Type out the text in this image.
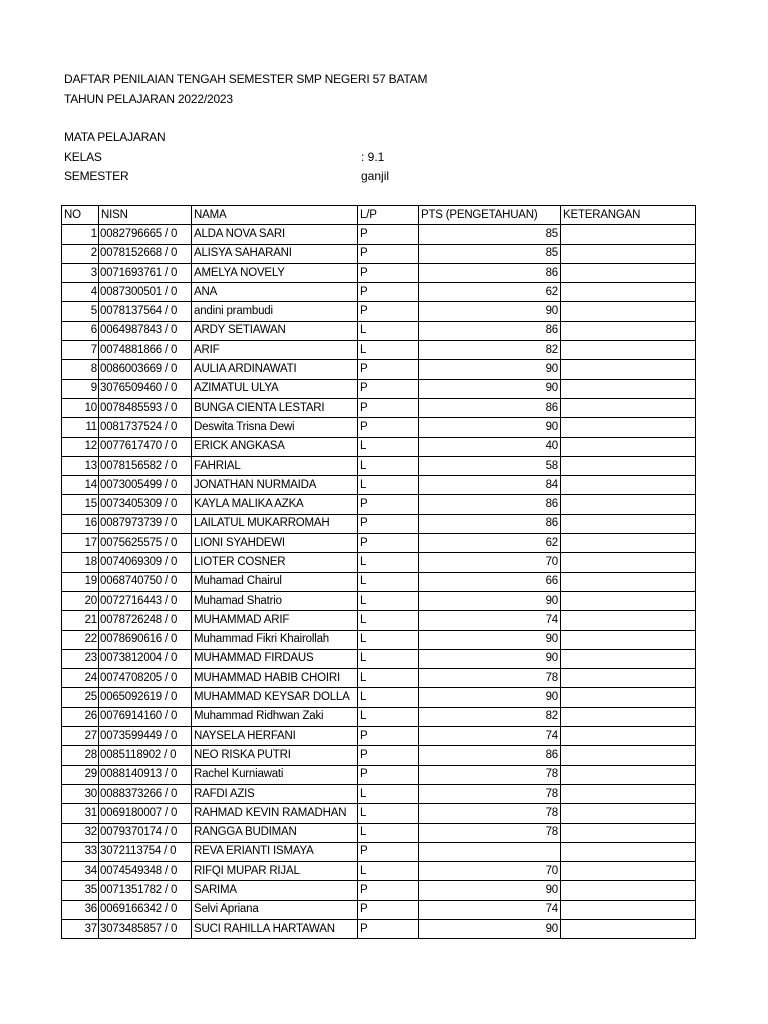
DAFTAR PENILAIAN TENGAH SEMESTER SMP NEGERI 57 BATAM
TAHUN PELAJARAN 2022/2023
MATA PELAJARAN
KELAS	: 9.1
SEMESTER	ganjil
NO	NISN	NAMA	L/P	PTS (PENGETAHUAN)	KETERANGAN
1	0082796665 / 0	ALDA NOVA SARI	P	85	
2	0078152668 / 0	ALISYA SAHARANI	P	85	
3	0071693761 / 0	AMELYA NOVELY	P	86	
4	0087300501 / 0	ANA	P	62	
5	0078137564 / 0	andini prambudi	P	90	
6	0064987843 / 0	ARDY SETIAWAN	L	86	
7	0074881866 / 0	ARIF	L	82	
8	0086003669 / 0	AULIA ARDINAWATI	P	90	
9	3076509460 / 0	AZIMATUL ULYA	P	90	
10	0078485593 / 0	BUNGA CIENTA LESTARI	P	86	
11	0081737524 / 0	Deswita Trisna Dewi	P	90	
12	0077617470 / 0	ERICK ANGKASA	L	40	
13	0078156582 / 0	FAHRIAL	L	58	
14	0073005499 / 0	JONATHAN NURMAIDA	L	84	
15	0073405309 / 0	KAYLA MALIKA AZKA	P	86	
16	0087973739 / 0	LAILATUL MUKARROMAH	P	86	
17	0075625575 / 0	LIONI SYAHDEWI	P	62	
18	0074069309 / 0	LIOTER COSNER	L	70	
19	0068740750 / 0	Muhamad Chairul	L	66	
20	0072716443 / 0	Muhamad Shatrio	L	90	
21	0078726248 / 0	MUHAMMAD ARIF	L	74	
22	0078690616 / 0	Muhammad Fikri Khairollah	L	90	
23	0073812004 / 0	MUHAMMAD FIRDAUS	L	90	
24	0074708205 / 0	MUHAMMAD HABIB CHOIRI	L	78	
25	0065092619 / 0	MUHAMMAD KEYSAR DOLLA	L	90	
26	0076914160 / 0	Muhammad Ridhwan Zaki	L	82	
27	0073599449 / 0	NAYSELA HERFANI	P	74	
28	0085118902 / 0	NEO RISKA PUTRI	P	86	
29	0088140913 / 0	Rachel Kurniawati	P	78	
30	0088373266 / 0	RAFDI AZIS	L	78	
31	0069180007 / 0	RAHMAD KEVIN RAMADHAN	L	78	
32	0079370174 / 0	RANGGA BUDIMAN	L	78	
33	3072113754 / 0	REVA ERIANTI ISMAYA	P		
34	0074549348 / 0	RIFQI MUPAR RIJAL	L	70	
35	0071351782 / 0	SARIMA	P	90	
36	0069166342 / 0	Selvi Apriana	P	74	
37	3073485857 / 0	SUCI RAHILLA HARTAWAN	P	90	
